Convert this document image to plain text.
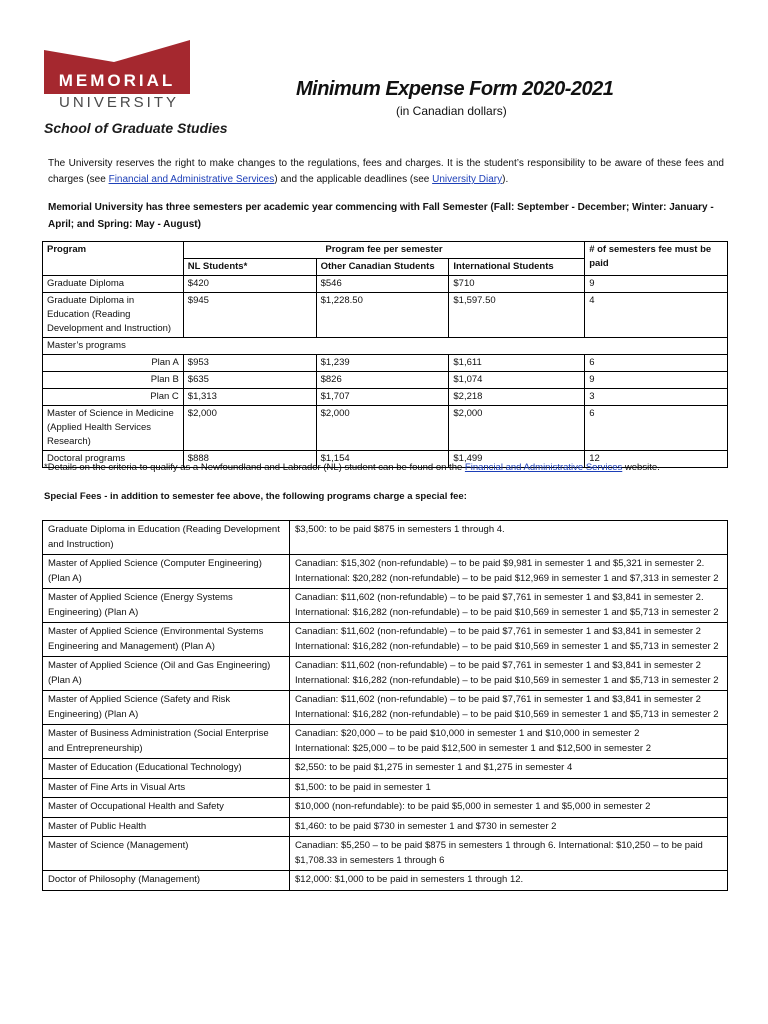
MEMORIAL
UNIVERSITY
School of Graduate Studies
Minimum Expense Form 2020-2021
(in Canadian dollars)
The University reserves the right to make changes to the regulations, fees and charges. It is the student’s responsibility to be aware of these fees and charges (see Financial and Administrative Services) and the applicable deadlines (see University Diary).
Memorial University has three semesters per academic year commencing with Fall Semester (Fall: September - December; Winter: January - April; and Spring: May - August)
Program	Program fee per semester			# of semesters fee must be paid
	NL Students*	Other Canadian Students	International Students	
Graduate Diploma	$420	$546	$710	9
Graduate Diploma in Education (Reading Development and Instruction)	$945	$1,228.50	$1,597.50	4
Master’s programs				
Plan A	$953	$1,239	$1,611	6
Plan B	$635	$826	$1,074	9
Plan C	$1,313	$1,707	$2,218	3
Master of Science in Medicine (Applied Health Services Research)	$2,000	$2,000	$2,000	6
Doctoral programs	$888	$1,154	$1,499	12
*Details on the criteria to qualify as a Newfoundland and Labrador (NL) student can be found on the Financial and Administrative Services website.
Special Fees - in addition to semester fee above, the following programs charge a special fee:
Graduate Diploma in Education (Reading Development and Instruction)	$3,500: to be paid $875 in semesters 1 through 4.
Master of Applied Science (Computer Engineering) (Plan A)	Canadian: $15,302 (non-refundable) – to be paid $9,981 in semester 1 and $5,321 in semester 2.
International: $20,282 (non-refundable) – to be paid $12,969 in semester 1 and $7,313 in semester 2

Master of Applied Science (Energy Systems Engineering) (Plan A)	Canadian: $11,602 (non-refundable) – to be paid $7,761 in semester 1 and $3,841 in semester 2.
International: $16,282 (non-refundable) – to be paid $10,569 in semester 1 and $5,713 in semester 2

Master of Applied Science (Environmental Systems Engineering and Management) (Plan A)	Canadian: $11,602 (non-refundable) – to be paid $7,761 in semester 1 and $3,841 in semester 2
International: $16,282 (non-refundable) – to be paid $10,569 in semester 1 and $5,713 in semester 2

Master of Applied Science (Oil and Gas Engineering) (Plan A)	Canadian: $11,602 (non-refundable) – to be paid $7,761 in semester 1 and $3,841 in semester 2
International: $16,282 (non-refundable) – to be paid $10,569 in semester 1 and $5,713 in semester 2

Master of Applied Science (Safety and Risk Engineering) (Plan A)	Canadian: $11,602 (non-refundable) – to be paid $7,761 in semester 1 and $3,841 in semester 2
International: $16,282 (non-refundable) – to be paid $10,569 in semester 1 and $5,713 in semester 2

Master of Business Administration (Social Enterprise and Entrepreneurship)	Canadian: $20,000 – to be paid $10,000 in semester 1 and $10,000 in semester 2
International: $25,000 – to be paid $12,500 in semester 1 and $12,500 in semester 2

Master of Education (Educational Technology)	$2,550: to be paid $1,275 in semester 1 and $1,275 in semester 4
Master of Fine Arts in Visual Arts	$1,500: to be paid in semester 1
Master of Occupational Health and Safety	$10,000 (non-refundable): to be paid $5,000 in semester 1 and $5,000 in semester 2
Master of Public Health	$1,460: to be paid $730 in semester 1 and $730 in semester 2
Master of Science (Management)	Canadian: $5,250 – to be paid $875 in semesters 1 through 6. International: $10,250 – to be paid $1,708.33 in semesters 1 through 6
Doctor of Philosophy (Management)	$12,000: $1,000 to be paid in semesters 1 through 12.
